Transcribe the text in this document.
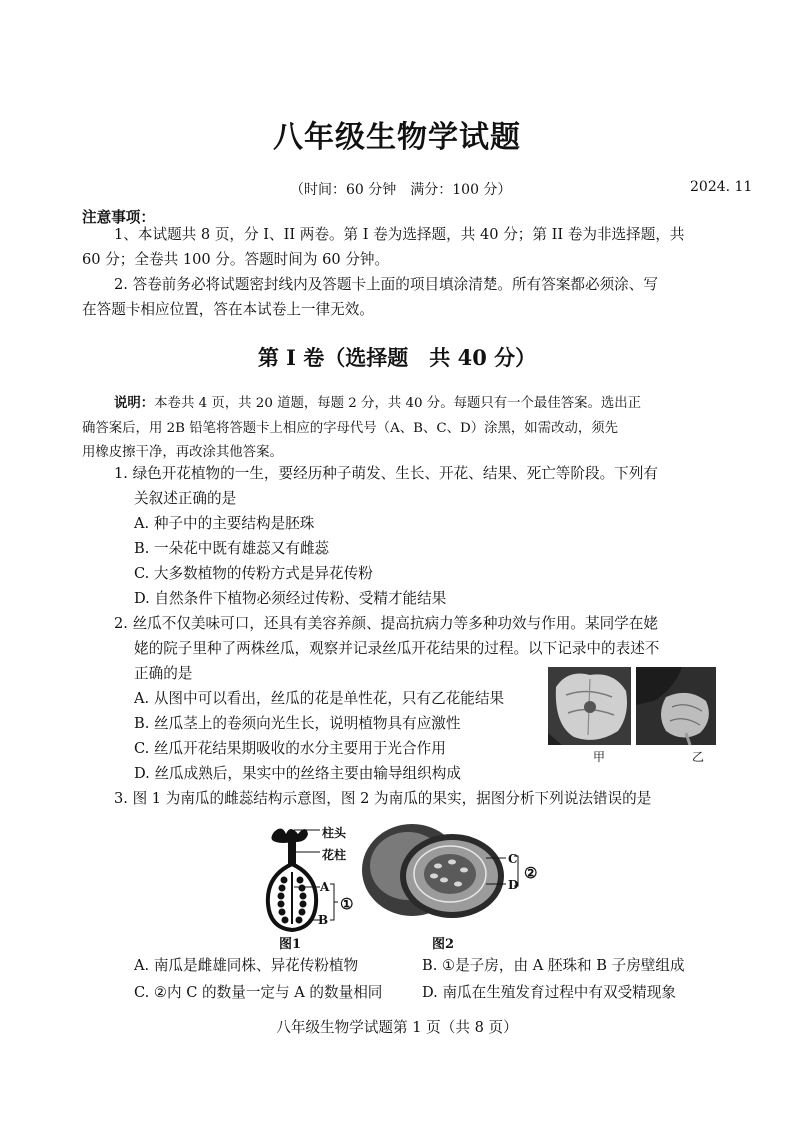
八年级生物学试题
（时间：60 分钟　满分：100 分）	2024. 11
注意事项：
1、本试题共 8 页，分 I、II 两卷。第 I 卷为选择题，共 40 分；第 II 卷为非选择题，共
60 分；全卷共 100 分。答题时间为 60 分钟。
2. 答卷前务必将试题密封线内及答题卡上面的项目填涂清楚。所有答案都必须涂、写
在答题卡相应位置，答在本试卷上一律无效。
第 I 卷（选择题　共 40 分）
说明：本卷共 4 页，共 20 道题，每题 2 分，共 40 分。每题只有一个最佳答案。选出正
确答案后，用 2B 铅笔将答题卡上相应的字母代号（A、B、C、D）涂黑，如需改动，须先
用橡皮擦干净，再改涂其他答案。
1. 绿色开花植物的一生，要经历种子萌发、生长、开花、结果、死亡等阶段。下列有
关叙述正确的是
A. 种子中的主要结构是胚珠
B. 一朵花中既有雄蕊又有雌蕊
C. 大多数植物的传粉方式是异花传粉
D. 自然条件下植物必须经过传粉、受精才能结果
2. 丝瓜不仅美味可口，还具有美容养颜、提高抗病力等多种功效与作用。某同学在姥
姥的院子里种了两株丝瓜，观察并记录丝瓜开花结果的过程。以下记录中的表述不
正确的是
A. 从图中可以看出，丝瓜的花是单性花，只有乙花能结果
B. 丝瓜茎上的卷须向光生长，说明植物具有应激性
C. 丝瓜开花结果期吸收的水分主要用于光合作用
D. 丝瓜成熟后，果实中的丝络主要由输导组织构成
甲	乙
3. 图 1 为南瓜的雌蕊结构示意图，图 2 为南瓜的果实，据图分析下列说法错误的是
柱头
花柱
A
B
①
图1
C
D
②
图2
A. 南瓜是雌雄同株、异花传粉植物	B. ①是子房，由 A 胚珠和 B 子房壁组成
C. ②内 C 的数量一定与 A 的数量相同	D. 南瓜在生殖发育过程中有双受精现象
八年级生物学试题第 1 页（共 8 页）
